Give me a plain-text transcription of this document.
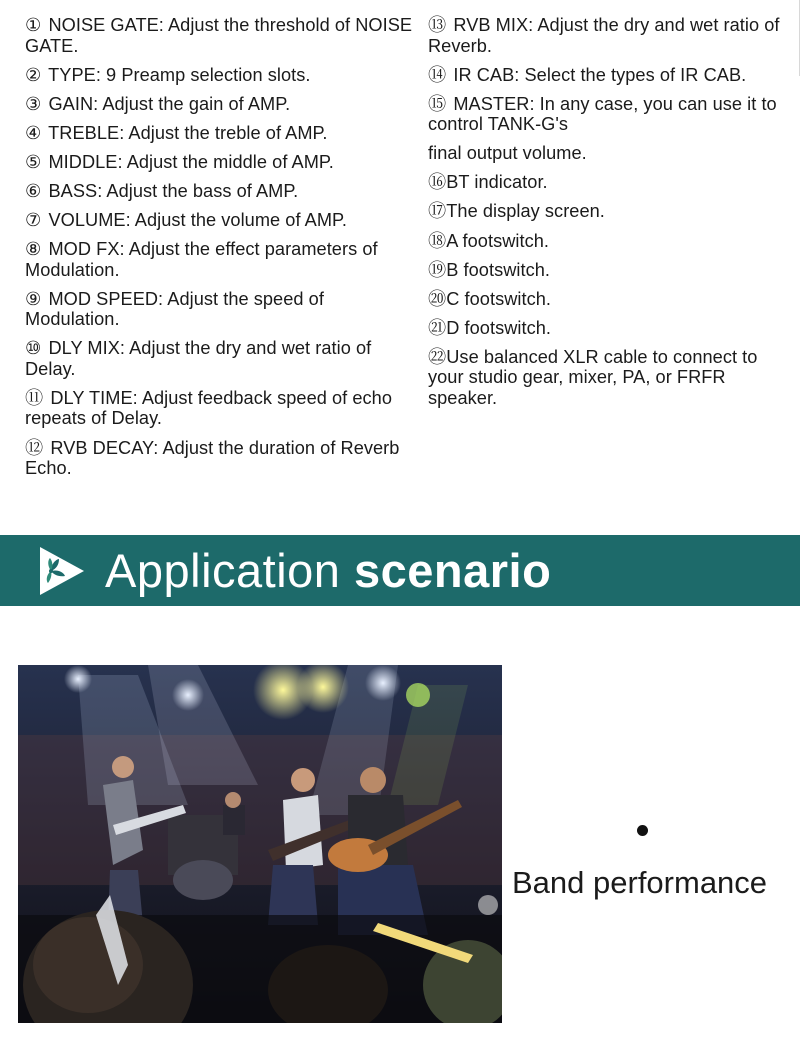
① NOISE GATE: Adjust the threshold of NOISE GATE.

② TYPE: 9 Preamp selection slots.

③ GAIN: Adjust the gain of AMP.

④ TREBLE: Adjust the treble of AMP.

⑤ MIDDLE: Adjust the middle of AMP.

⑥ BASS: Adjust the bass of AMP.

⑦ VOLUME: Adjust the volume of AMP.

⑧ MOD FX: Adjust the effect parameters of Modulation.

⑨ MOD SPEED: Adjust the speed of Modulation.

⑩ DLY MIX: Adjust the dry and wet ratio of Delay.

⑪ DLY TIME: Adjust feedback speed of echo repeats of Delay.

⑫ RVB DECAY: Adjust the duration of Reverb Echo.

⑬ RVB MIX: Adjust the dry and wet ratio of Reverb.

⑭ IR CAB: Select the types of IR CAB.

⑮ MASTER: In any case, you can use it to control TANK-G's

final output volume.

⑯BT indicator.

⑰The display screen.

⑱A footswitch.

⑲B footswitch.

⑳C footswitch.

㉑D footswitch.

㉒Use balanced XLR cable to connect to your studio gear, mixer, PA, or FRFR speaker.

Application scenario
Band performance
